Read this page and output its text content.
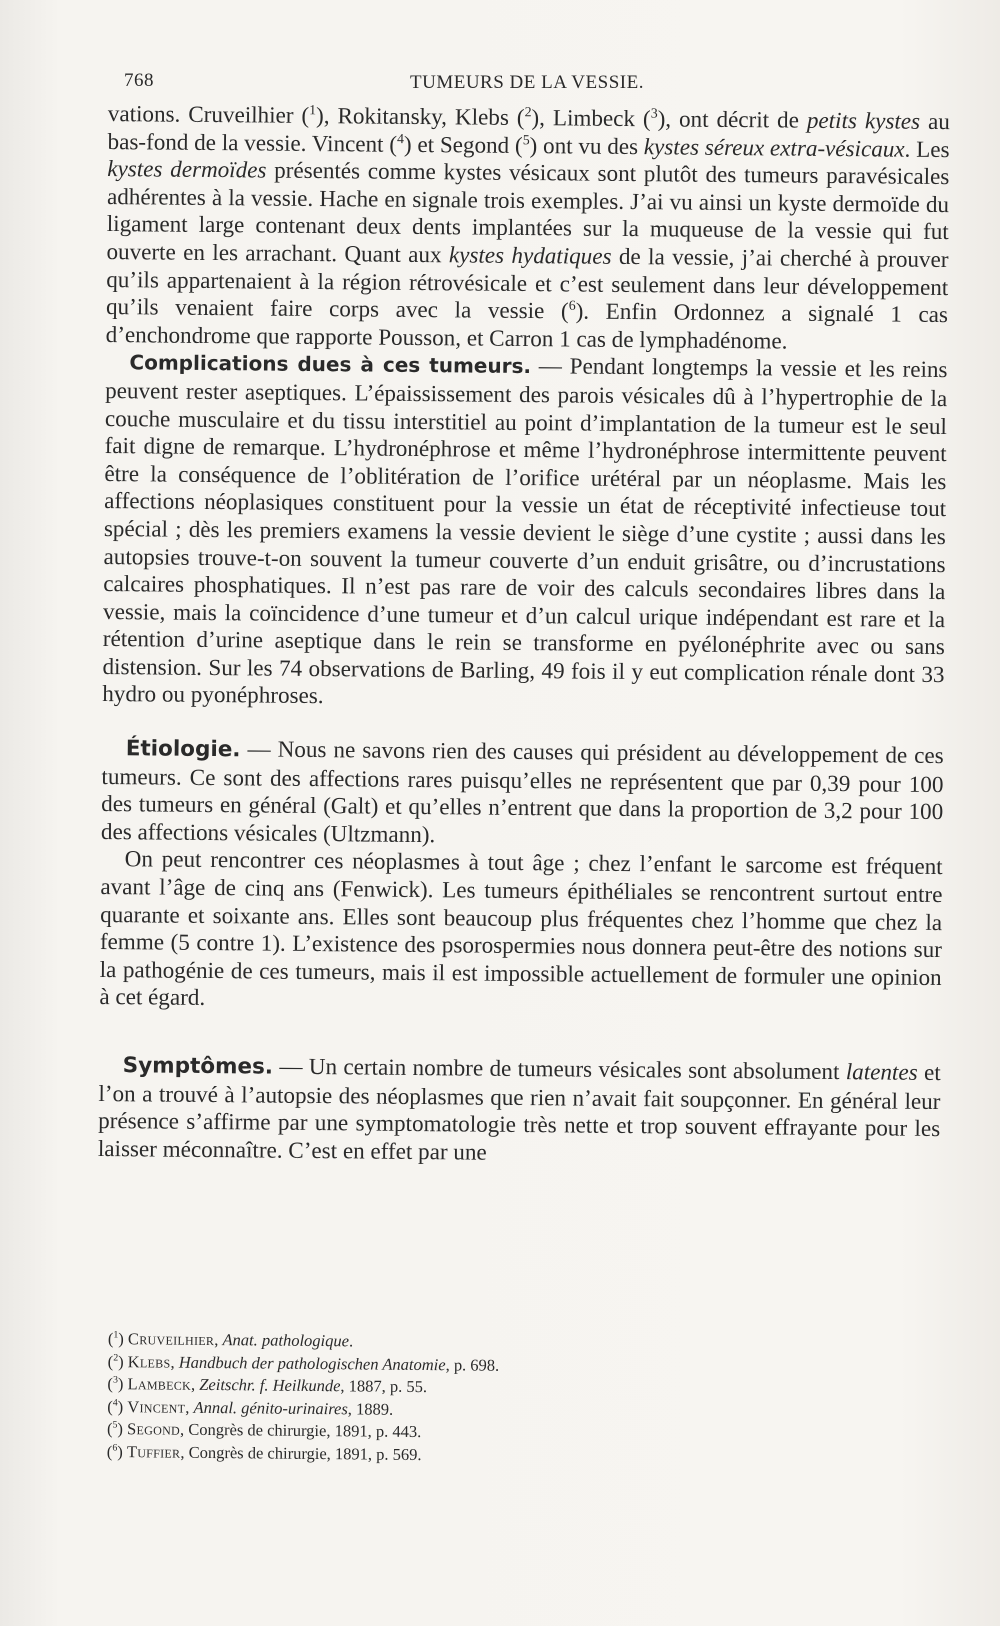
768	TUMEURS DE LA VESSIE.

vations. Cruveilhier ($^1$), Rokitansky, Klebs ($^2$), Limbeck ($^3$), ont décrit de petits kystes au bas-fond de la vessie. Vincent ($^4$) et Segond ($^5$) ont vu des kystes séreux extra-vésicaux. Les kystes dermoïdes présentés comme kystes vésicaux sont plutôt des tumeurs paravésicales adhérentes à la vessie. Hache en signale trois exemples. J’ai vu ainsi un kyste dermoïde du ligament large contenant deux dents implantées sur la muqueuse de la vessie qui fut ouverte en les arrachant. Quant aux kystes hydatiques de la vessie, j’ai cherché à prouver qu’ils appartenaient à la région rétrovésicale et c’est seulement dans leur développement qu’ils venaient faire corps avec la vessie ($^6$). Enfin Ordonnez a signalé 1 cas d’enchondrome que rapporte Pousson, et Carron 1 cas de lymphadénome.

Complications dues à ces tumeurs. — Pendant longtemps la vessie et les reins peuvent rester aseptiques. L’épaississement des parois vésicales dû à l’hypertrophie de la couche musculaire et du tissu interstitiel au point d’implantation de la tumeur est le seul fait digne de remarque. L’hydronéphrose et même l’hydronéphrose intermittente peuvent être la conséquence de l’oblitération de l’orifice urétéral par un néoplasme. Mais les affections néoplasiques constituent pour la vessie un état de réceptivité infectieuse tout spécial ; dès les premiers examens la vessie devient le siège d’une cystite ; aussi dans les autopsies trouve-t-on souvent la tumeur couverte d’un enduit grisâtre, ou d’incrustations calcaires phosphatiques. Il n’est pas rare de voir des calculs secondaires libres dans la vessie, mais la coïncidence d’une tumeur et d’un calcul urique indépendant est rare et la rétention d’urine aseptique dans le rein se transforme en pyélonéphrite avec ou sans distension. Sur les 74 observations de Barling, 49 fois il y eut complication rénale dont 33 hydro ou pyonéphroses.

Étiologie. — Nous ne savons rien des causes qui président au développement de ces tumeurs. Ce sont des affections rares puisqu’elles ne représentent que par 0,39 pour 100 des tumeurs en général (Galt) et qu’elles n’entrent que dans la proportion de 3,2 pour 100 des affections vésicales (Ultzmann).

On peut rencontrer ces néoplasmes à tout âge ; chez l’enfant le sarcome est fréquent avant l’âge de cinq ans (Fenwick). Les tumeurs épithéliales se rencontrent surtout entre quarante et soixante ans. Elles sont beaucoup plus fréquentes chez l’homme que chez la femme (5 contre 1). L’existence des psorospermies nous donnera peut-être des notions sur la pathogénie de ces tumeurs, mais il est impossible actuellement de formuler une opinion à cet égard.

Symptômes. — Un certain nombre de tumeurs vésicales sont absolument latentes et l’on a trouvé à l’autopsie des néoplasmes que rien n’avait fait soupçonner. En général leur présence s’affirme par une symptomatologie très nette et trop souvent effrayante pour les laisser méconnaître. C’est en effet par une

($^1$) Cruveilhier, Anat. pathologique.
($^2$) Klebs, Handbuch der pathologischen Anatomie, p. 698.
($^3$) Lambeck, Zeitschr. f. Heilkunde, 1887, p. 55.
($^4$) Vincent, Annal. génito-urinaires, 1889.
($^5$) Segond, Congrès de chirurgie, 1891, p. 443.
($^6$) Tuffier, Congrès de chirurgie, 1891, p. 569.
